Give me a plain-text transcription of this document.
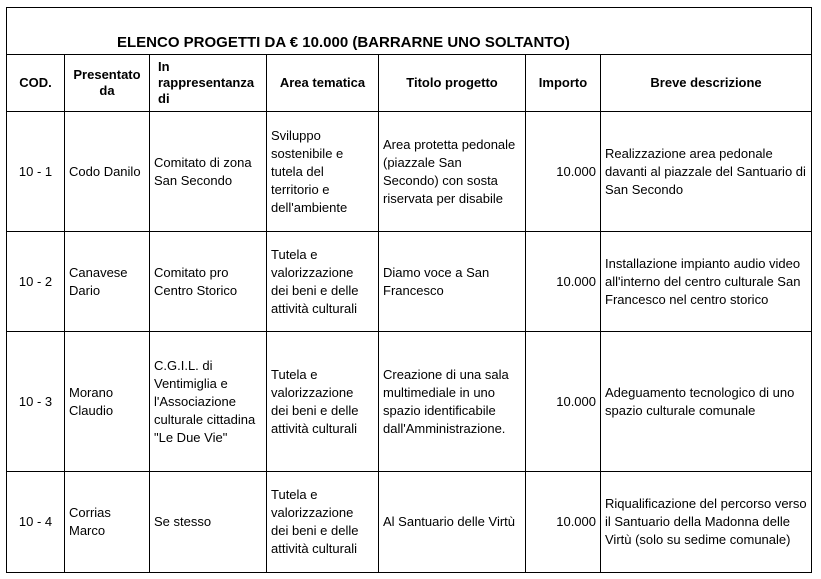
ELENCO PROGETTI DA € 10.000 (BARRARNE UNO SOLTANTO)						
COD.	Presentato da	In rappresentanza di	Area tematica	Titolo progetto	Importo	Breve descrizione
10 - 1	Codo Danilo	Comitato di zona San Secondo	Sviluppo sostenibile e tutela del territorio e dell'ambiente	Area protetta pedonale (piazzale San Secondo) con sosta riservata per disabile	10.000	Realizzazione area pedonale davanti al piazzale del Santuario di San Secondo
10 - 2	Canavese Dario	Comitato pro Centro Storico	Tutela e valorizzazione dei beni e delle attività culturali	Diamo voce a San Francesco	10.000	Installazione impianto audio video all'interno del centro culturale San Francesco nel centro storico
10 - 3	Morano Claudio	C.G.I.L. di Ventimiglia e l'Associazione culturale cittadina "Le Due Vie"	Tutela e valorizzazione dei beni e delle attività culturali	Creazione di una sala multimediale in uno spazio identificabile dall'Amministrazione.	10.000	Adeguamento tecnologico di uno spazio culturale comunale
10 - 4	Corrias Marco	Se stesso	Tutela e valorizzazione dei beni e delle attività culturali	Al Santuario delle Virtù	10.000	Riqualificazione del percorso verso il Santuario della Madonna delle Virtù (solo su sedime comunale)
